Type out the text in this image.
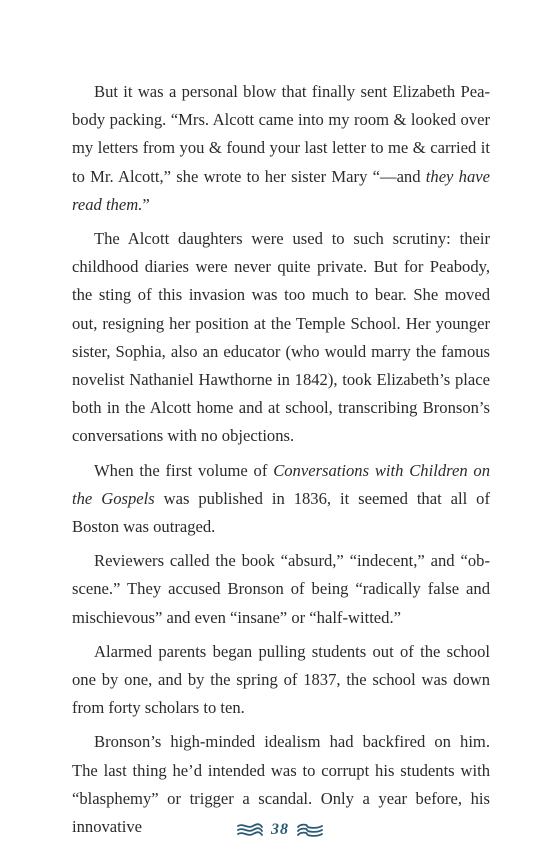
But it was a personal blow that finally sent Elizabeth Peabody packing. “Mrs. Alcott came into my room & looked over my letters from you & found your last letter to me & carried it to Mr. Alcott,” she wrote to her sister Mary “—and they have read them.”

The Alcott daughters were used to such scrutiny: their childhood diaries were never quite private. But for Peabody, the sting of this invasion was too much to bear. She moved out, resigning her position at the Temple School. Her younger sister, Sophia, also an educator (who would marry the famous novelist Nathaniel Hawthorne in 1842), took Elizabeth’s place both in the Alcott home and at school, transcribing Bronson’s conversations with no objections.

When the first volume of Conversations with Children on the Gospels was published in 1836, it seemed that all of Boston was outraged.

Reviewers called the book “absurd,” “indecent,” and “obscene.” They accused Bronson of being “radically false and mischievous” and even “insane” or “half-witted.”

Alarmed parents began pulling students out of the school one by one, and by the spring of 1837, the school was down from forty scholars to ten.

Bronson’s high-minded idealism had backfired on him. The last thing he’d intended was to corrupt his students with “blasphemy” or trigger a scandal. Only a year before, his innovative	38
